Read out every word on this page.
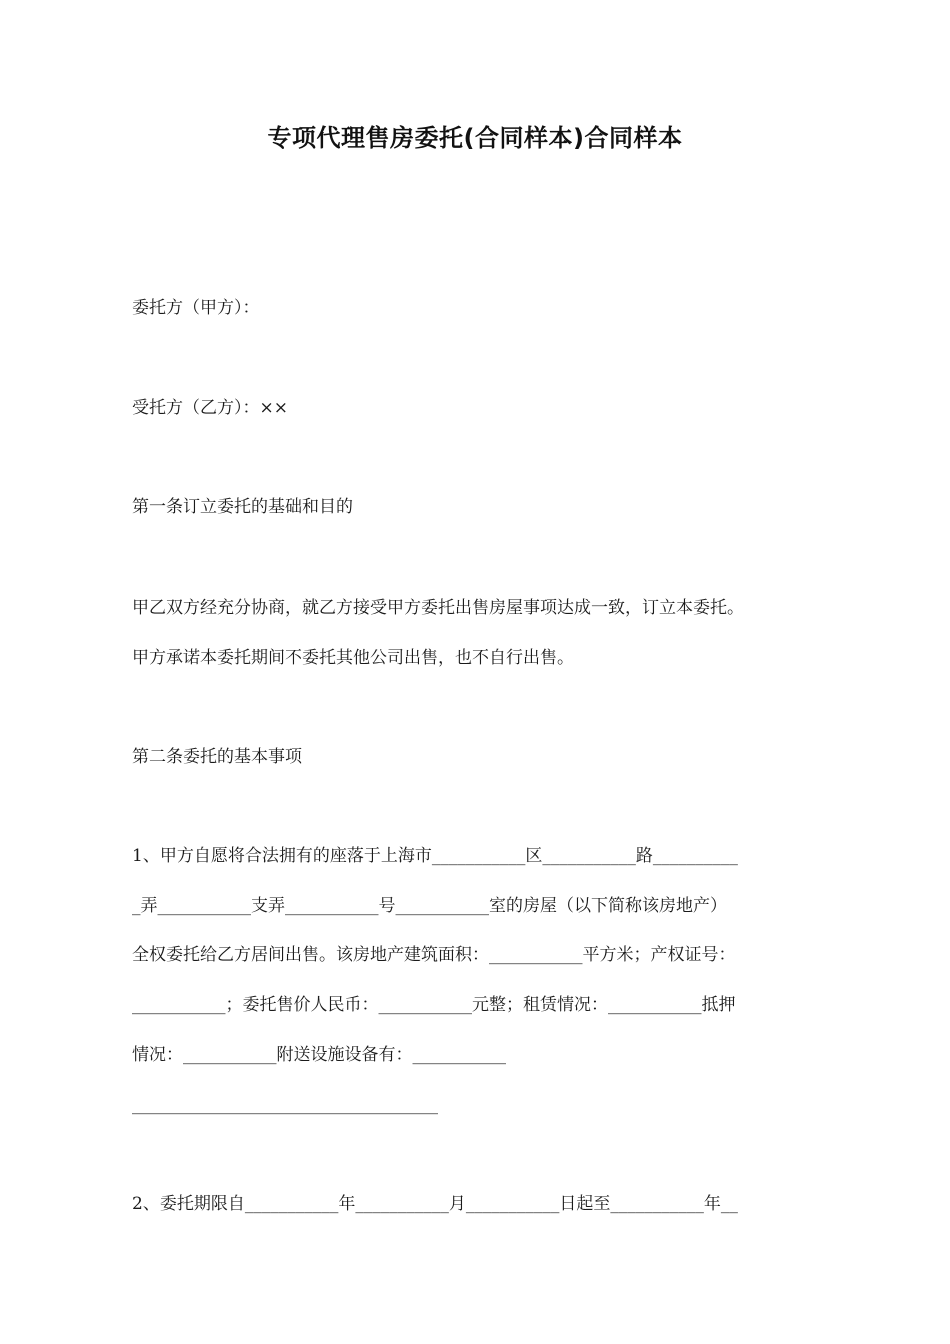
专项代理售房委托(合同样本)合同样本
委托方（甲方）：
受托方（乙方）：××
第一条订立委托的基础和目的
甲乙双方经充分协商，就乙方接受甲方委托出售房屋事项达成一致，订立本委托。
甲方承诺本委托期间不委托其他公司出售，也不自行出售。
第二条委托的基本事项
1、甲方自愿将合法拥有的座落于上海市___________区___________路__________
_弄___________支弄___________号___________室的房屋（以下简称该房地产）
全权委托给乙方居间出售。该房地产建筑面积：___________平方米；产权证号：
___________；委托售价人民币：___________元整；租赁情况：___________抵押
情况：___________附送设施设备有：___________
____________________________________
2、委托期限自___________年___________月___________日起至___________年__
